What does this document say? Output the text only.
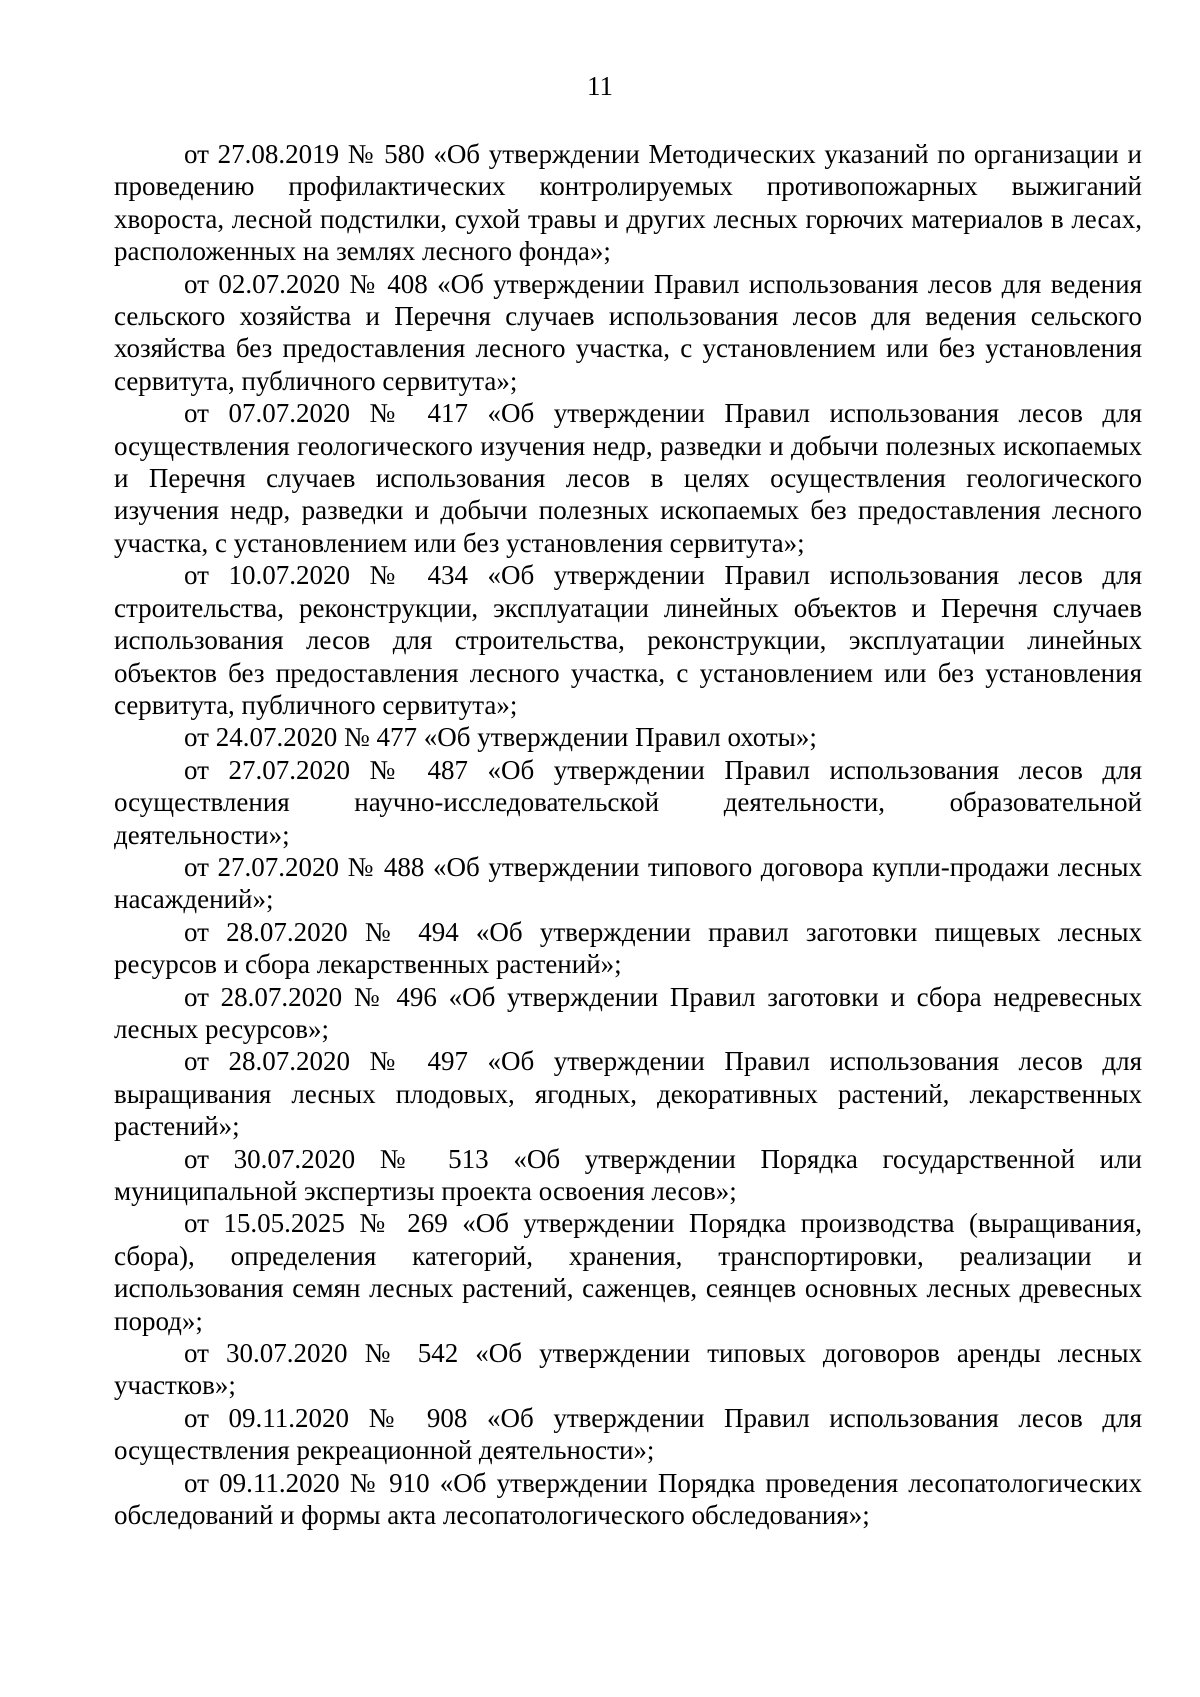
11

от 27.08.2019 № 580 «Об утверждении Методических указаний по организации и проведению профилактических контролируемых противопожарных выжиганий хвороста, лесной подстилки, сухой травы и других лесных горючих материалов в лесах, расположенных на землях лесного фонда»;

от 02.07.2020 № 408 «Об утверждении Правил использования лесов для ведения сельского хозяйства и Перечня случаев использования лесов для ведения сельского хозяйства без предоставления лесного участка, с установлением или без установления сервитута, публичного сервитута»;

от 07.07.2020 № 417 «Об утверждении Правил использования лесов для осуществления геологического изучения недр, разведки и добычи полезных ископаемых и Перечня случаев использования лесов в целях осуществления геологического изучения недр, разведки и добычи полезных ископаемых без предоставления лесного участка, с установлением или без установления сервитута»;

от 10.07.2020 № 434 «Об утверждении Правил использования лесов для строительства, реконструкции, эксплуатации линейных объектов и Перечня случаев использования лесов для строительства, реконструкции, эксплуатации линейных объектов без предоставления лесного участка, с установлением или без установления сервитута, публичного сервитута»;

от 24.07.2020 № 477 «Об утверждении Правил охоты»;

от 27.07.2020 № 487 «Об утверждении Правил использования лесов для осуществления научно-исследовательской деятельности, образовательной деятельности»;

от 27.07.2020 № 488 «Об утверждении типового договора купли-продажи лесных насаждений»;

от 28.07.2020 № 494 «Об утверждении правил заготовки пищевых лесных ресурсов и сбора лекарственных растений»;

от 28.07.2020 № 496 «Об утверждении Правил заготовки и сбора недревесных лесных ресурсов»;

от 28.07.2020 № 497 «Об утверждении Правил использования лесов для выращивания лесных плодовых, ягодных, декоративных растений, лекарственных растений»;

от 30.07.2020 № 513 «Об утверждении Порядка государственной или муниципальной экспертизы проекта освоения лесов»;

от 15.05.2025 № 269 «Об утверждении Порядка производства (выращивания, сбора), определения категорий, хранения, транспортировки, реализации и использования семян лесных растений, саженцев, сеянцев основных лесных древесных пород»;

от 30.07.2020 № 542 «Об утверждении типовых договоров аренды лесных участков»;

от 09.11.2020 № 908 «Об утверждении Правил использования лесов для осуществления рекреационной деятельности»;

от 09.11.2020 № 910 «Об утверждении Порядка проведения лесопатологических обследований и формы акта лесопатологического обследования»;
